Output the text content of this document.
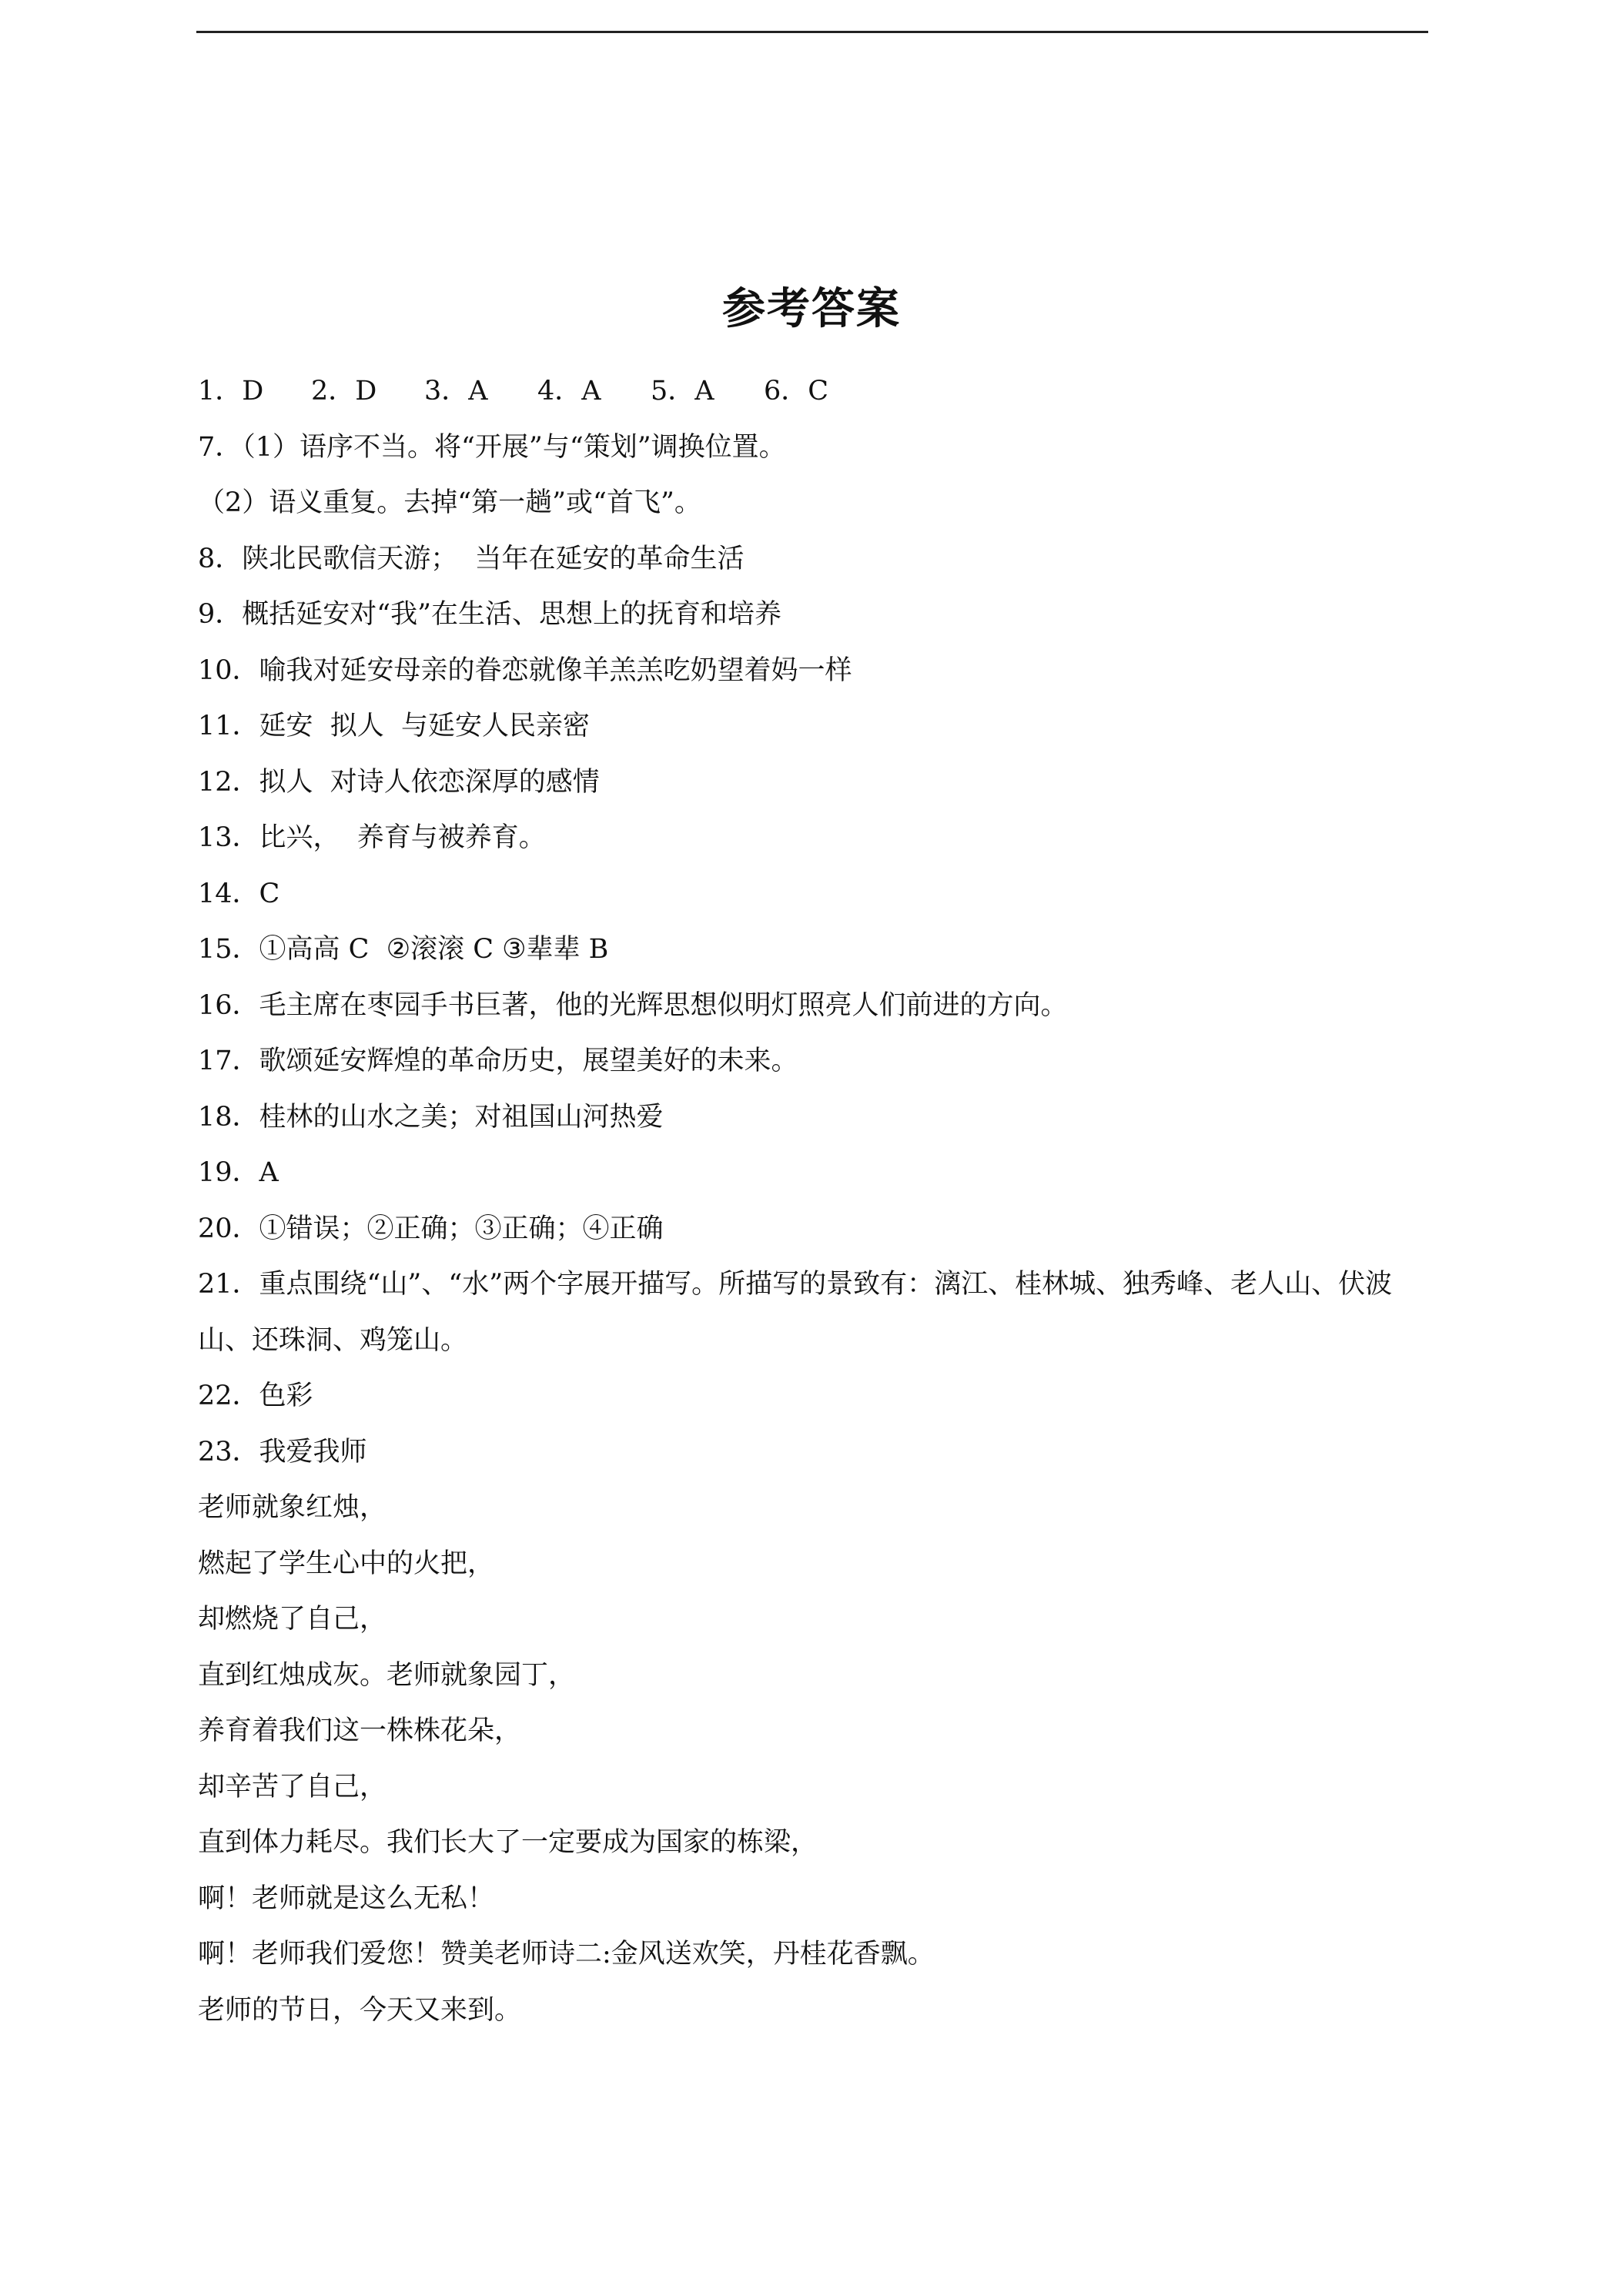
参考答案
1．D	2．D	3．A	4．A	5．A	6．C
7．（1）语序不当。将“开展”与“策划”调换位置。
（2）语义重复。去掉“第一趟”或“首飞”。
8．陕北民歌信天游；  当年在延安的革命生活
9．概括延安对“我”在生活、思想上的抚育和培养
10．喻我对延安母亲的眷恋就像羊羔羔吃奶望着妈一样
11．延安  拟人  与延安人民亲密
12．拟人  对诗人依恋深厚的感情
13．比兴，  养育与被养育。
14．C
15．①高高 C  ②滚滚 C ③辈辈 B
16．毛主席在枣园手书巨著，他的光辉思想似明灯照亮人们前进的方向。
17．歌颂延安辉煌的革命历史，展望美好的未来。
18．桂林的山水之美；对祖国山河热爱
19．A
20．①错误；②正确；③正确；④正确
21．重点围绕“山”、“水”两个字展开描写。所描写的景致有：漓江、桂林城、独秀峰、老人山、伏波山、还珠洞、鸡笼山。
22．色彩
23．我爱我师
老师就象红烛，
燃起了学生心中的火把，
却燃烧了自己，
直到红烛成灰。老师就象园丁，
养育着我们这一株株花朵，
却辛苦了自己，
直到体力耗尽。我们长大了一定要成为国家的栋梁，
啊！老师就是这么无私！
啊！老师我们爱您！赞美老师诗二:金风送欢笑，丹桂花香飘。
老师的节日，今天又来到。
